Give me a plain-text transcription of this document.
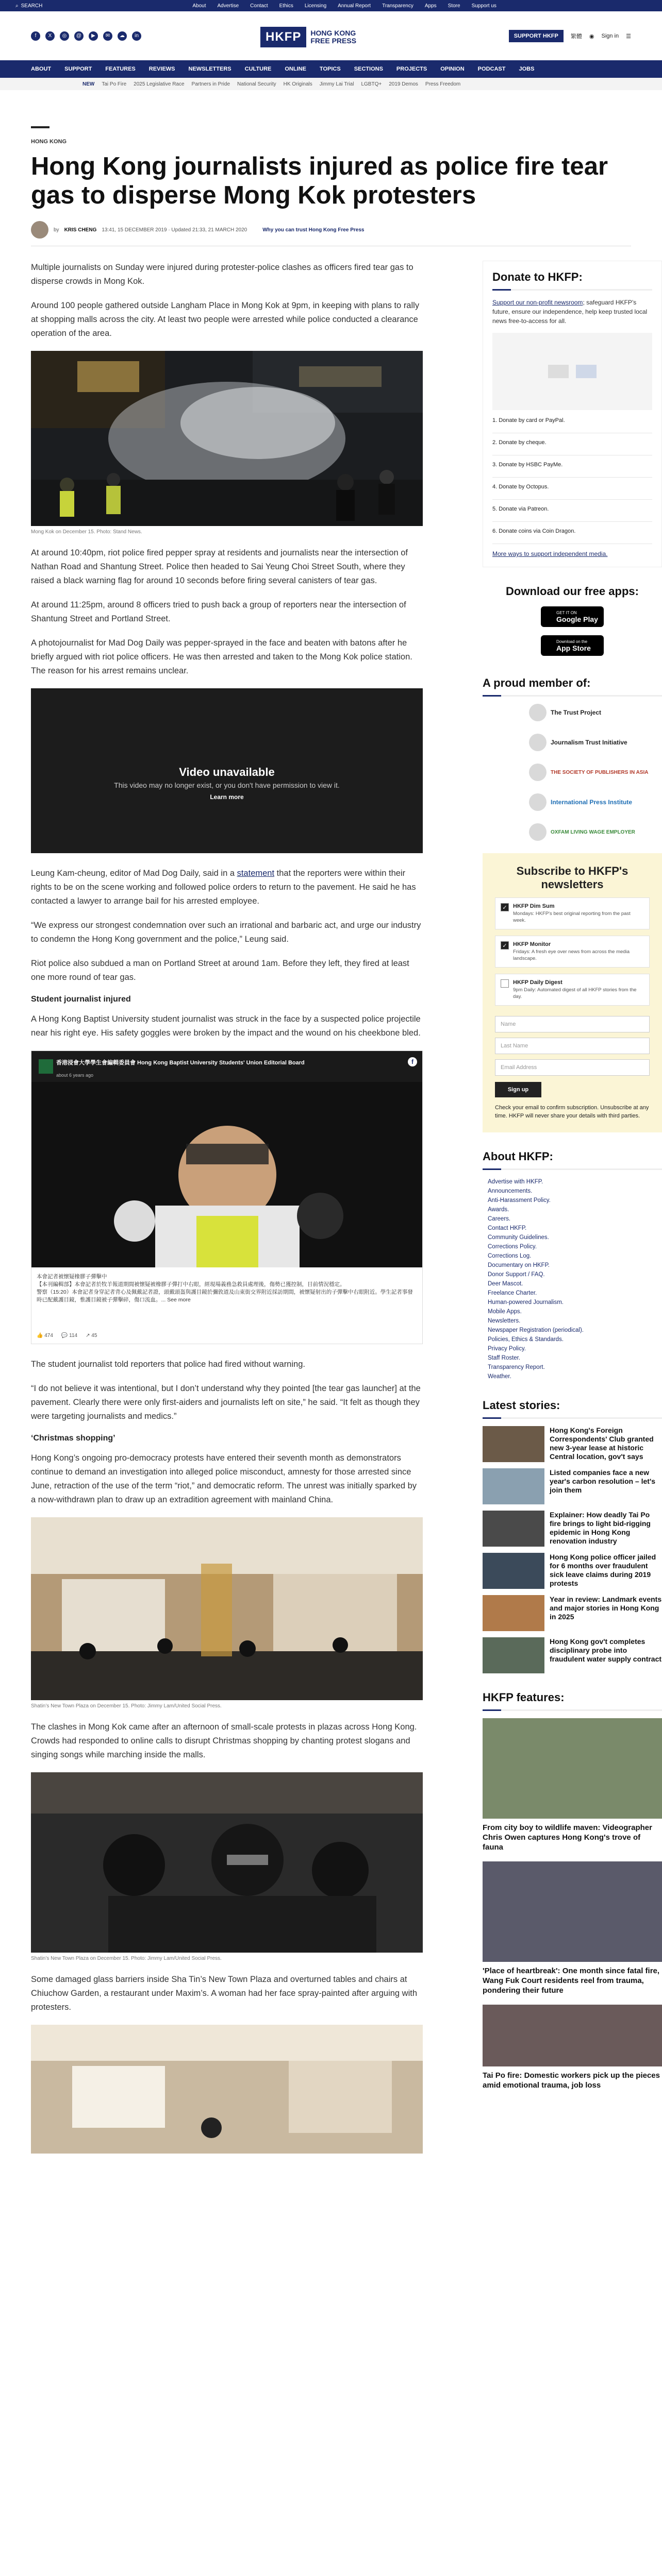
⌕ SEARCH	About Advertise Contact Ethics Licensing Annual Report Transparency Apps Store Support us
f	X	◎	@	▶	✉	☁	in	HKFP	HONG KONG
FREE PRESS
SUPPORT HKFP	繁體 ◉ Sign in ☰
ABOUT SUPPORT FEATURES REVIEWS NEWSLETTERS CULTURE ONLINE TOPICS SECTIONS PROJECTS OPINION PODCAST JOBS
NEW Tai Po Fire 2025 Legislative Race Partners in Pride National Security HK Originals Jimmy Lai Trial LGBTQ+ 2019 Demos Press Freedom
HONG KONG
Hong Kong journalists injured as police fire tear gas to disperse Mong Kok protesters
by KRIS CHENG 13:41, 15 DECEMBER 2019 · Updated 21:33, 21 MARCH 2020	Why you can trust Hong Kong Free Press

Multiple journalists on Sunday were injured during protester-police clashes as officers fired tear gas to disperse crowds in Mong Kok.

Around 100 people gathered outside Langham Place in Mong Kok at 9pm, in keeping with plans to rally at shopping malls across the city. At least two people were arrested while police conducted a clearance operation of the area.

Mong Kok on December 15. Photo: Stand News.

At around 10:40pm, riot police fired pepper spray at residents and journalists near the intersection of Nathan Road and Shantung Street. Police then headed to Sai Yeung Choi Street South, where they raised a black warning flag for around 10 seconds before firing several canisters of tear gas.

At around 11:25pm, around 8 officers tried to push back a group of reporters near the intersection of Shantung Street and Portland Street.

A photojournalist for Mad Dog Daily was pepper-sprayed in the face and beaten with batons after he briefly argued with riot police officers. He was then arrested and taken to the Mong Kok police station. The reason for his arrest remains unclear.

Video unavailable
This video may no longer exist, or you don't have permission to view it.
Learn more

Leung Kam-cheung, editor of Mad Dog Daily, said in a statement that the reporters were within their rights to be on the scene working and followed police orders to return to the pavement. He said he has contacted a lawyer to arrange bail for his arrested employee.

“We express our strongest condemnation over such an irrational and barbaric act, and urge our industry to condemn the Hong Kong government and the police,” Leung said.

Riot police also subdued a man on Portland Street at around 1am. Before they left, they fired at least one more round of tear gas.

Student journalist injured

A Hong Kong Baptist University student journalist was struck in the face by a suspected police projectile near his right eye. His safety goggles were broken by the impact and the wound on his cheekbone bled.

香港浸會大學學生會編輯委員會 Hong Kong Baptist University Students' Union Editorial Board
about 6 years ago
f
本會記者被懷疑橡膠子彈擊中
【本刊編輯部】本會記者於牧羊報道期間被懷疑被橡膠子彈打中右眼，經現場義務急救員處理後，傷勢已獲控制，目前情況穩定。
警察（15:20）本會記者身穿記者背心及佩戴記者證，頭戴頭盔與護目鏡於彌敦道及山東街交界附近採訪期間，被懷疑射出的子彈擊中右眼附近。學生記者事發時已配戴護目鏡，惟護目鏡被子彈擊碎，傷口流血。... See more
👍 474 💬 114 ↗ 45

The student journalist told reporters that police had fired without warning.

“I do not believe it was intentional, but I don’t understand why they pointed [the tear gas launcher] at the pavement. Clearly there were only first-aiders and journalists left on site,” he said. “It felt as though they were targeting journalists and medics.”

‘Christmas shopping’

Hong Kong’s ongoing pro-democracy protests have entered their seventh month as demonstrators continue to demand an investigation into alleged police misconduct, amnesty for those arrested since June, retraction of the use of the term “riot,” and democratic reform. The unrest was initially sparked by a now-withdrawn plan to draw up an extradition agreement with mainland China.

Shatin’s New Town Plaza on December 15. Photo: Jimmy Lam/United Social Press.

The clashes in Mong Kok came after an afternoon of small-scale protests in plazas across Hong Kong. Crowds had responded to online calls to disrupt Christmas shopping by chanting protest slogans and singing songs while marching inside the malls.

Shatin’s New Town Plaza on December 15. Photo: Jimmy Lam/United Social Press.

Some damaged glass barriers inside Sha Tin’s New Town Plaza and overturned tables and chairs at Chiuchow Garden, a restaurant under Maxim’s. A woman had her face spray-painted after arguing with protesters.

Donate to HKFP:
Support our non-profit newsroom; safeguard HKFP’s future, ensure our independence, help keep trusted local news free-to-access for all.
1. Donate by card or PayPal.
2. Donate by cheque.
3. Donate by HSBC PayMe.
4. Donate by Octopus.
5. Donate via Patreon.
6. Donate coins via Coin Dragon.
More ways to support independent media.
Download our free apps:
GET IT ON
Google Play
Download on the
App Store
A proud member of:
The Trust Project
Journalism Trust Initiative
THE SOCIETY OF PUBLISHERS IN ASIA
International Press Institute
OXFAM LIVING WAGE EMPLOYER
Subscribe to HKFP's newsletters
✓	HKFP Dim Sum
Mondays: HKFP's best original reporting from the past week.
✓	HKFP Monitor
Fridays: A fresh eye over news from across the media landscape.
HKFP Daily Digest
9pm Daily: Automated digest of all HKFP stories from the day.
Name
Last Name
Email Address
Sign up
Check your email to confirm subscription. Unsubscribe at any time. HKFP will never share your details with third parties.
About HKFP:
Advertise with HKFP.
Announcements.
Anti-Harassment Policy.
Awards.
Careers.
Contact HKFP.
Community Guidelines.
Corrections Policy.
Corrections Log.
Documentary on HKFP.
Donor Support / FAQ.
Deer Mascot.
Freelance Charter.
Human-powered Journalism.
Mobile Apps.
Newsletters.
Newspaper Registration (periodical).
Policies, Ethics & Standards.
Privacy Policy.
Staff Roster.
Transparency Report.
Weather.
Latest stories:
Hong Kong's Foreign Correspondents' Club granted new 3-year lease at historic Central location, gov't says
Listed companies face a new year's carbon resolution – let's join them
Explainer: How deadly Tai Po fire brings to light bid-rigging epidemic in Hong Kong renovation industry
Hong Kong police officer jailed for 6 months over fraudulent sick leave claims during 2019 protests
Year in review: Landmark events and major stories in Hong Kong in 2025
Hong Kong gov't completes disciplinary probe into fraudulent water supply contract
HKFP features:
From city boy to wildlife maven: Videographer Chris Owen captures Hong Kong's trove of fauna
'Place of heartbreak': One month since fatal fire, Wang Fuk Court residents reel from trauma, pondering their future
Tai Po fire: Domestic workers pick up the pieces amid emotional trauma, job loss
